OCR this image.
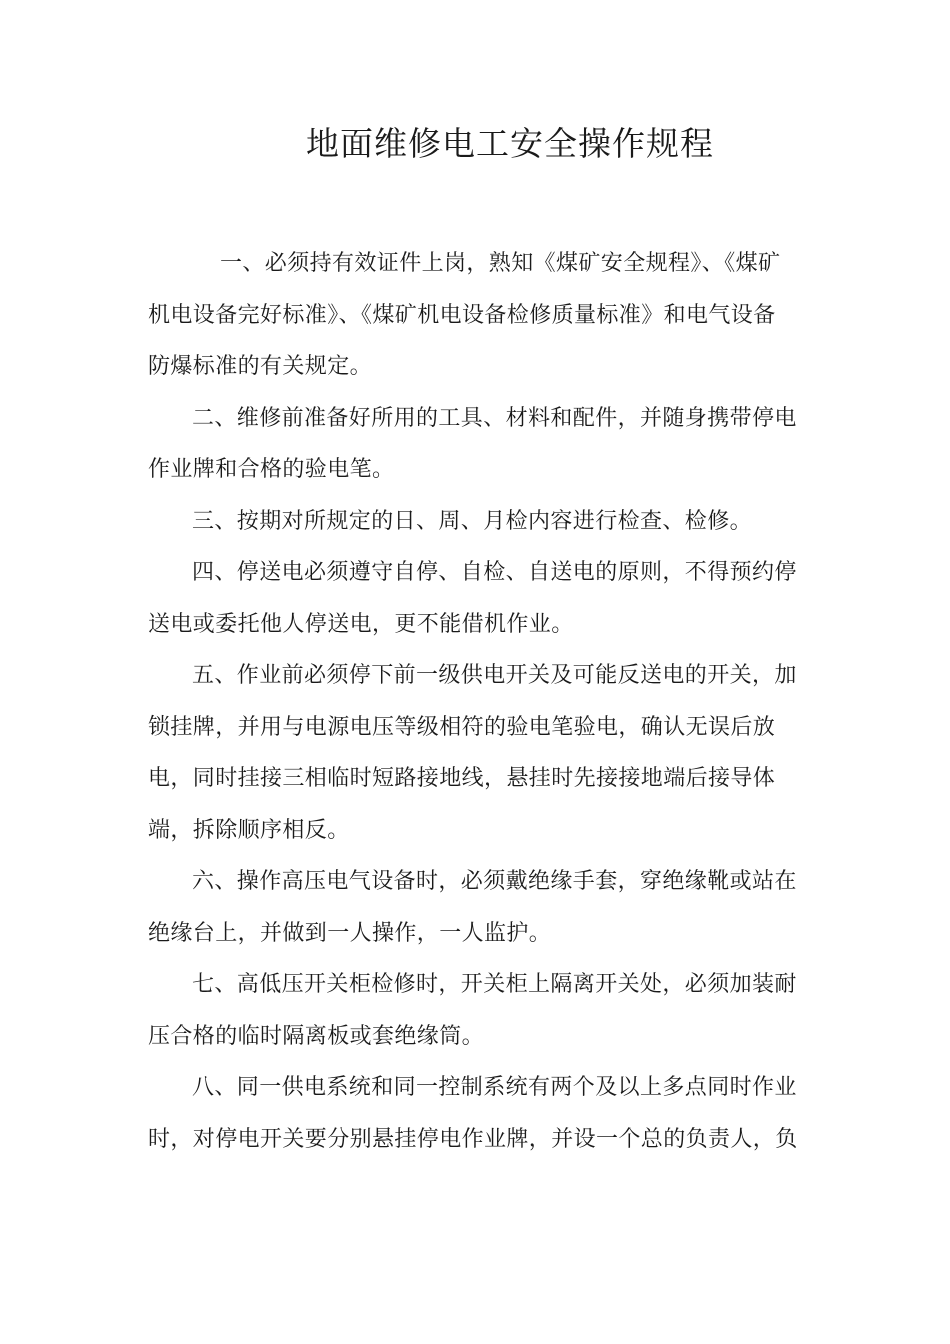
地面维修电工安全操作规程
一、必须持有效证件上岗，熟知《煤矿安全规程》、《煤矿
机电设备完好标准》、《煤矿机电设备检修质量标准》和电气设备
防爆标准的有关规定。
二、维修前准备好所用的工具、材料和配件，并随身携带停电
作业牌和合格的验电笔。
三、按期对所规定的日、周、月检内容进行检查、检修。
四、停送电必须遵守自停、自检、自送电的原则，不得预约停
送电或委托他人停送电，更不能借机作业。
五、作业前必须停下前一级供电开关及可能反送电的开关，加
锁挂牌，并用与电源电压等级相符的验电笔验电，确认无误后放
电，同时挂接三相临时短路接地线，悬挂时先接接地端后接导体
端，拆除顺序相反。
六、操作高压电气设备时，必须戴绝缘手套，穿绝缘靴或站在
绝缘台上，并做到一人操作，一人监护。
七、高低压开关柜检修时，开关柜上隔离开关处，必须加装耐
压合格的临时隔离板或套绝缘筒。
八、同一供电系统和同一控制系统有两个及以上多点同时作业
时，对停电开关要分别悬挂停电作业牌，并设一个总的负责人，负
